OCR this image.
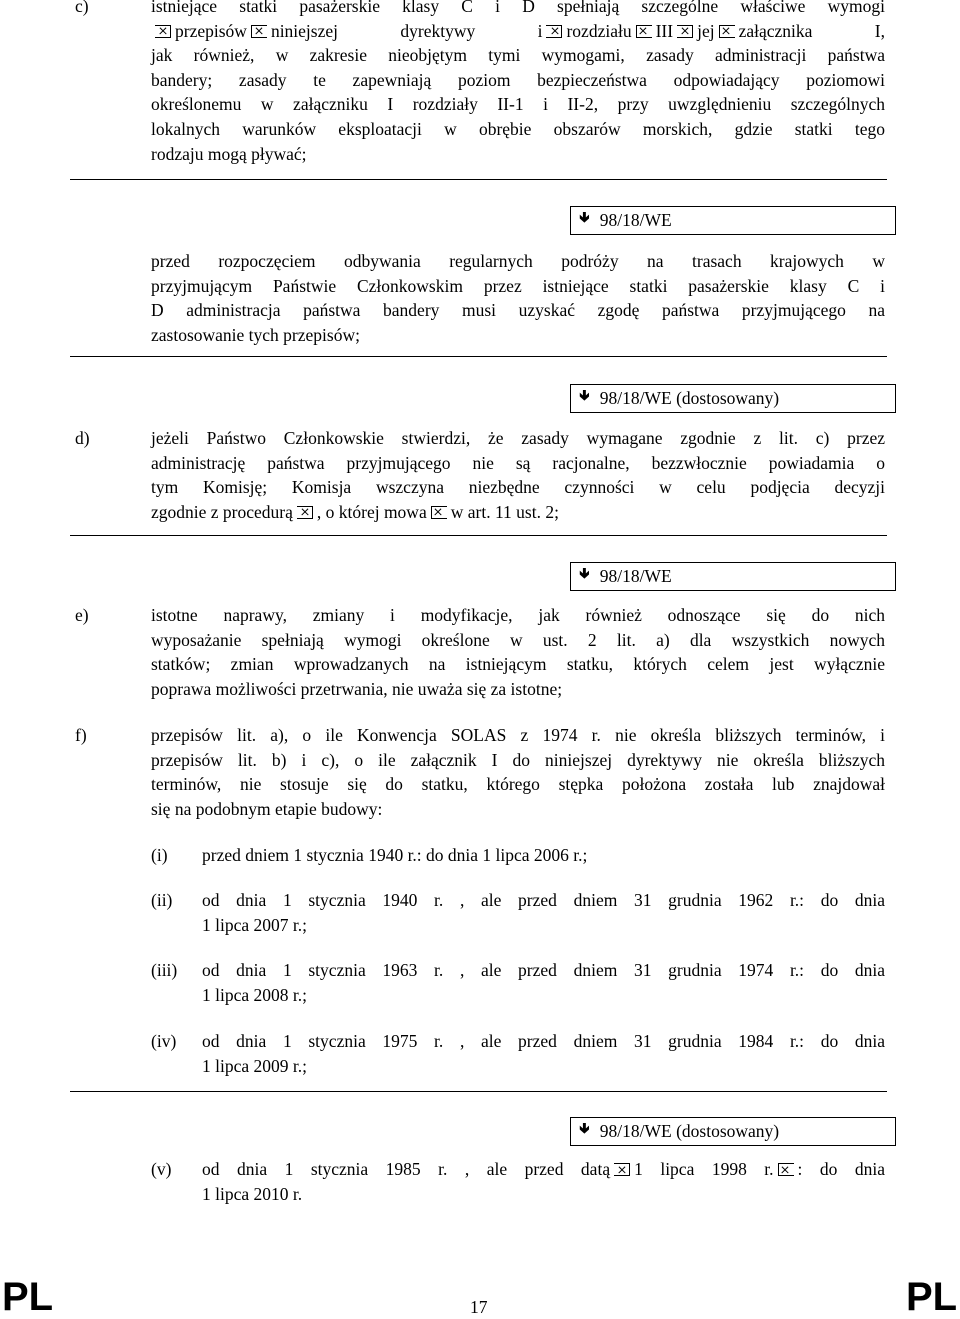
c)	istniejące statki pasażerskie klasy C i D spełniają szczególne właściwe wymogi
przepisów niniejszej dyrektywy i rozdziału III jej załącznika I,
jak również, w zakresie nieobjętym tymi wymogami, zasady administracji państwa
bandery; zasady te zapewniają poziom bezpieczeństwa odpowiadający poziomowi
określonemu w załączniku I rozdziały II-1 i II-2, przy uwzględnieniu szczególnych
lokalnych warunków eksploatacji w obrębie obszarów morskich, gdzie statki tego
rodzaju mogą pływać;
🢃 98/18/WE
przed rozpoczęciem odbywania regularnych podróży na trasach krajowych w
przyjmującym Państwie Członkowskim przez istniejące statki pasażerskie klasy C i
D administracja państwa bandery musi uzyskać zgodę państwa przyjmującego na
zastosowanie tych przepisów;
🢃 98/18/WE (dostosowany)
d)	jeżeli Państwo Członkowskie stwierdzi, że zasady wymagane zgodnie z lit. c) przez
administrację państwa przyjmującego nie są racjonalne, bezzwłocznie powiadamia o
tym Komisję; Komisja wszczyna niezbędne czynności w celu podjęcia decyzji
zgodnie z procedurą , o której mowa w art. 11 ust. 2;
🢃 98/18/WE
e)	istotne naprawy, zmiany i modyfikacje, jak również odnoszące się do nich
wyposażanie spełniają wymogi określone w ust. 2 lit. a) dla wszystkich nowych
statków; zmian wprowadzanych na istniejącym statku, których celem jest wyłącznie
poprawa możliwości przetrwania, nie uważa się za istotne;
f)	przepisów lit. a), o ile Konwencja SOLAS z 1974 r. nie określa bliższych terminów, i
przepisów lit. b) i c), o ile załącznik I do niniejszej dyrektywy nie określa bliższych
terminów, nie stosuje się do statku, którego stępka położona została lub znajdował
się na podobnym etapie budowy:
(i) przed dniem 1 stycznia 1940 r.: do dnia 1 lipca 2006 r.;
(ii) od dnia 1 stycznia 1940 r. , ale przed dniem 31 grudnia 1962 r.: do dnia
1 lipca 2007 r.;
(iii) od dnia 1 stycznia 1963 r. , ale przed dniem 31 grudnia 1974 r.: do dnia
1 lipca 2008 r.;
(iv) od dnia 1 stycznia 1975 r. , ale przed dniem 31 grudnia 1984 r.: do dnia
1 lipca 2009 r.;
🢃 98/18/WE (dostosowany)
(v) od dnia 1 stycznia 1985 r. , ale przed datą 1 lipca 1998 r. : do dnia
1 lipca 2010 r.
PL	17	PL
